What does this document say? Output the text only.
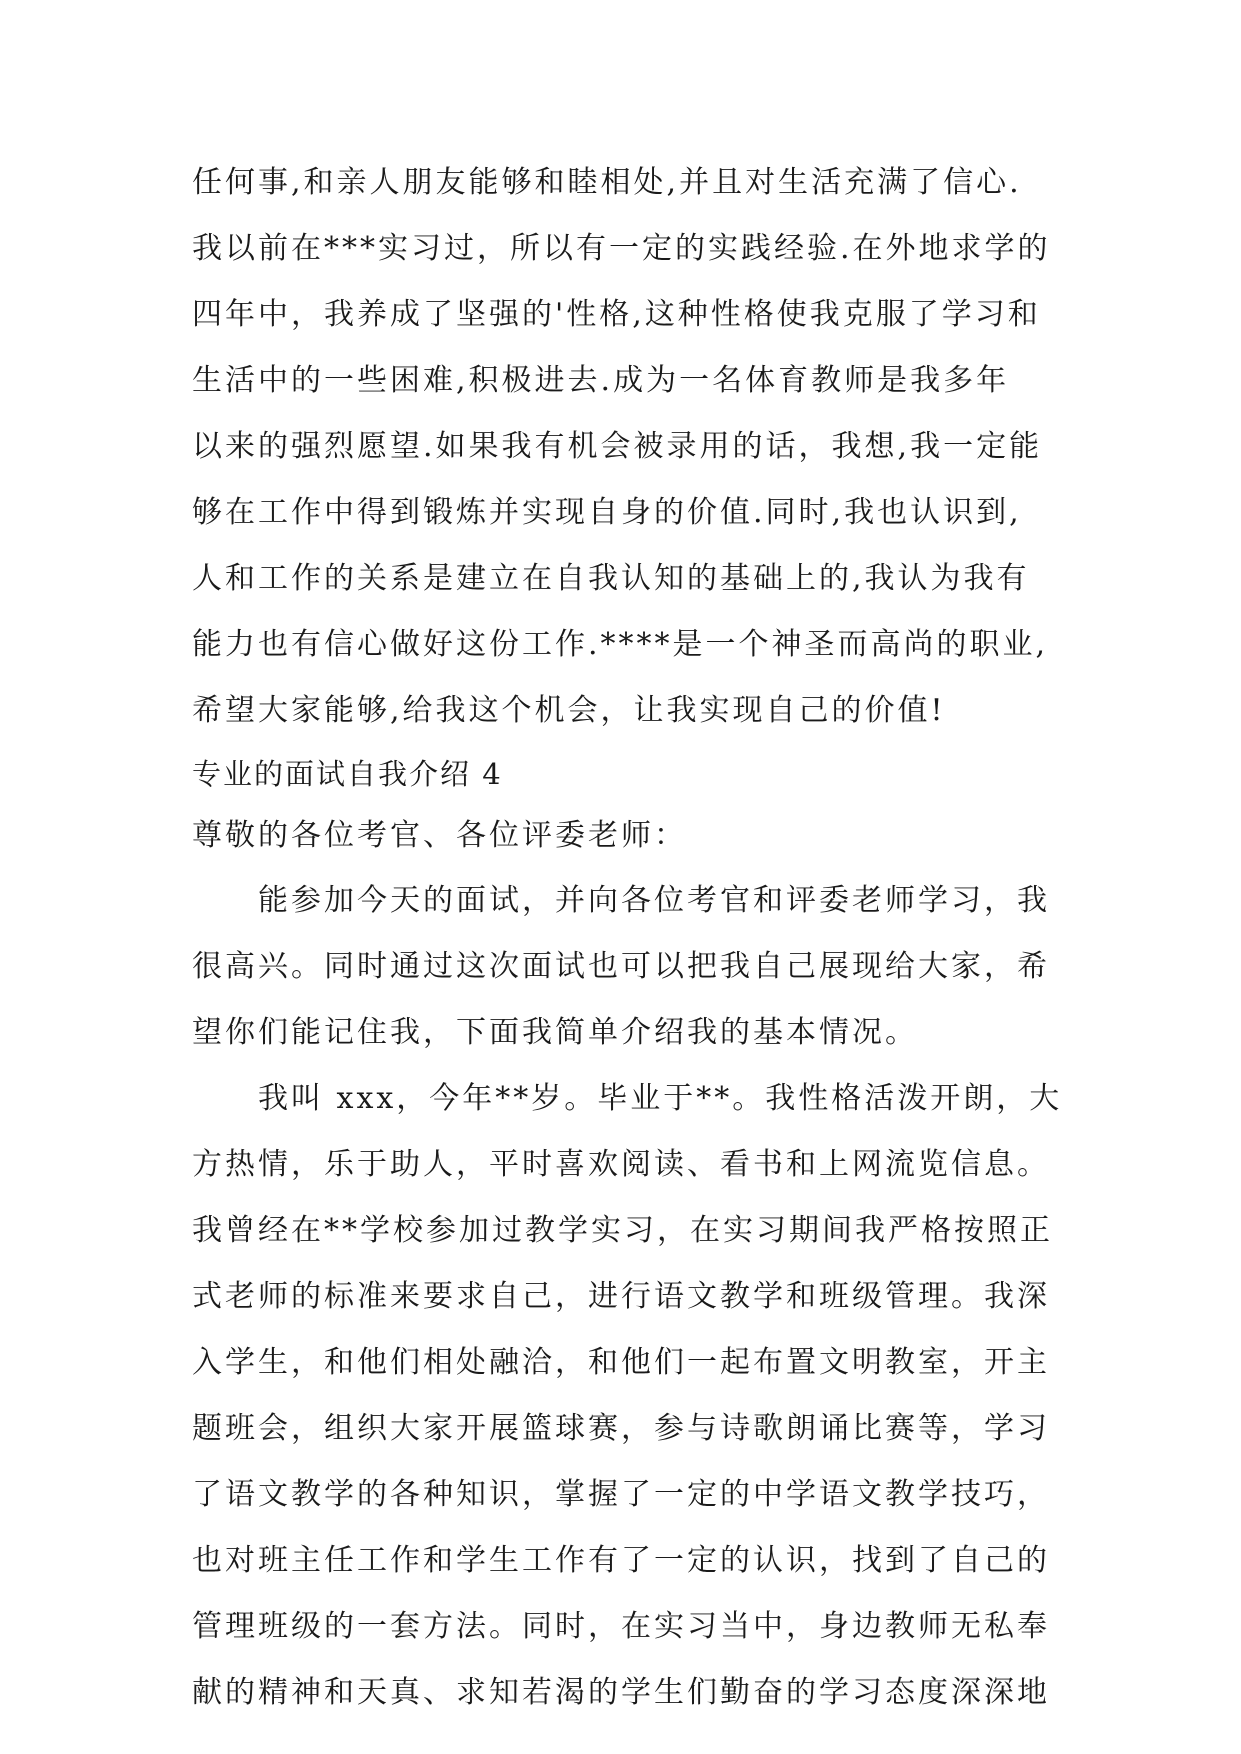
任何事,和亲人朋友能够和睦相处,并且对生活充满了信心.
我以前在***实习过，所以有一定的实践经验.在外地求学的
四年中，我养成了坚强的'性格,这种性格使我克服了学习和
生活中的一些困难,积极进去.成为一名体育教师是我多年
以来的强烈愿望.如果我有机会被录用的话，我想,我一定能
够在工作中得到锻炼并实现自身的价值.同时,我也认识到,
人和工作的关系是建立在自我认知的基础上的,我认为我有
能力也有信心做好这份工作.****是一个神圣而高尚的职业,
希望大家能够,给我这个机会，让我实现自己的价值!
专业的面试自我介绍 4
尊敬的各位考官、各位评委老师：
能参加今天的面试，并向各位考官和评委老师学习，我
很高兴。同时通过这次面试也可以把我自己展现给大家，希
望你们能记住我，下面我简单介绍我的基本情况。
我叫 xxx，今年**岁。毕业于**。我性格活泼开朗，大
方热情，乐于助人，平时喜欢阅读、看书和上网流览信息。
我曾经在**学校参加过教学实习，在实习期间我严格按照正
式老师的标准来要求自己，进行语文教学和班级管理。我深
入学生，和他们相处融洽，和他们一起布置文明教室，开主
题班会，组织大家开展篮球赛，参与诗歌朗诵比赛等，学习
了语文教学的各种知识，掌握了一定的中学语文教学技巧，
也对班主任工作和学生工作有了一定的认识，找到了自己的
管理班级的一套方法。同时，在实习当中，身边教师无私奉
献的精神和天真、求知若渴的学生们勤奋的学习态度深深地
